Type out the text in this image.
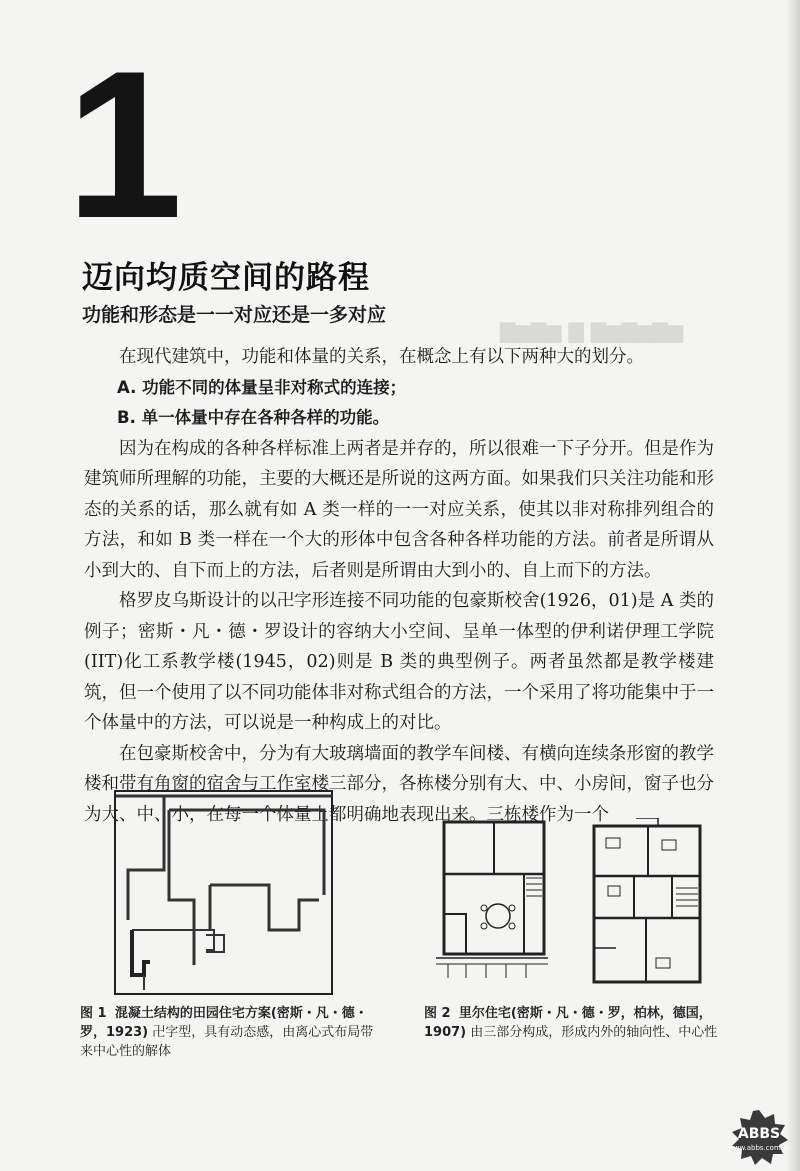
1
▇▆▇▆ ▇ ▇▆▇▆▇▆
迈向均质空间的路程
功能和形态是一一对应还是一多对应

在现代建筑中，功能和体量的关系，在概念上有以下两种大的划分。

A. 功能不同的体量呈非对称式的连接；

B. 单一体量中存在各种各样的功能。

因为在构成的各种各样标准上两者是并存的，所以很难一下子分开。但是作为建筑师所理解的功能，主要的大概还是所说的这两方面。如果我们只关注功能和形态的关系的话，那么就有如 A 类一样的一一对应关系，使其以非对称排列组合的方法，和如 B 类一样在一个大的形体中包含各种各样功能的方法。前者是所谓从小到大的、自下而上的方法，后者则是所谓由大到小的、自上而下的方法。

格罗皮乌斯设计的以卍字形连接不同功能的包豪斯校舍(1926，01)是 A 类的例子；密斯・凡・德・罗设计的容纳大小空间、呈单一体型的伊利诺伊理工学院(IIT)化工系教学楼(1945，02)则是 B 类的典型例子。两者虽然都是教学楼建筑，但一个使用了以不同功能体非对称式组合的方法，一个采用了将功能集中于一个体量中的方法，可以说是一种构成上的对比。

在包豪斯校舍中，分为有大玻璃墙面的教学车间楼、有横向连续条形窗的教学楼和带有角窗的宿舍与工作室楼三部分，各栋楼分别有大、中、小房间，窗子也分为大、中、小，在每一个体量上都明确地表现出来。三栋楼作为一个

图 1 混凝土结构的田园住宅方案(密斯・凡・德・罗，1923) 卍字型，具有动态感，由离心式布局带来中心性的解体
图 2 里尔住宅(密斯・凡・德・罗，柏林，德国，1907) 由三部分构成，形成内外的轴向性、中心性
ABBS
www.abbs.com.cn
